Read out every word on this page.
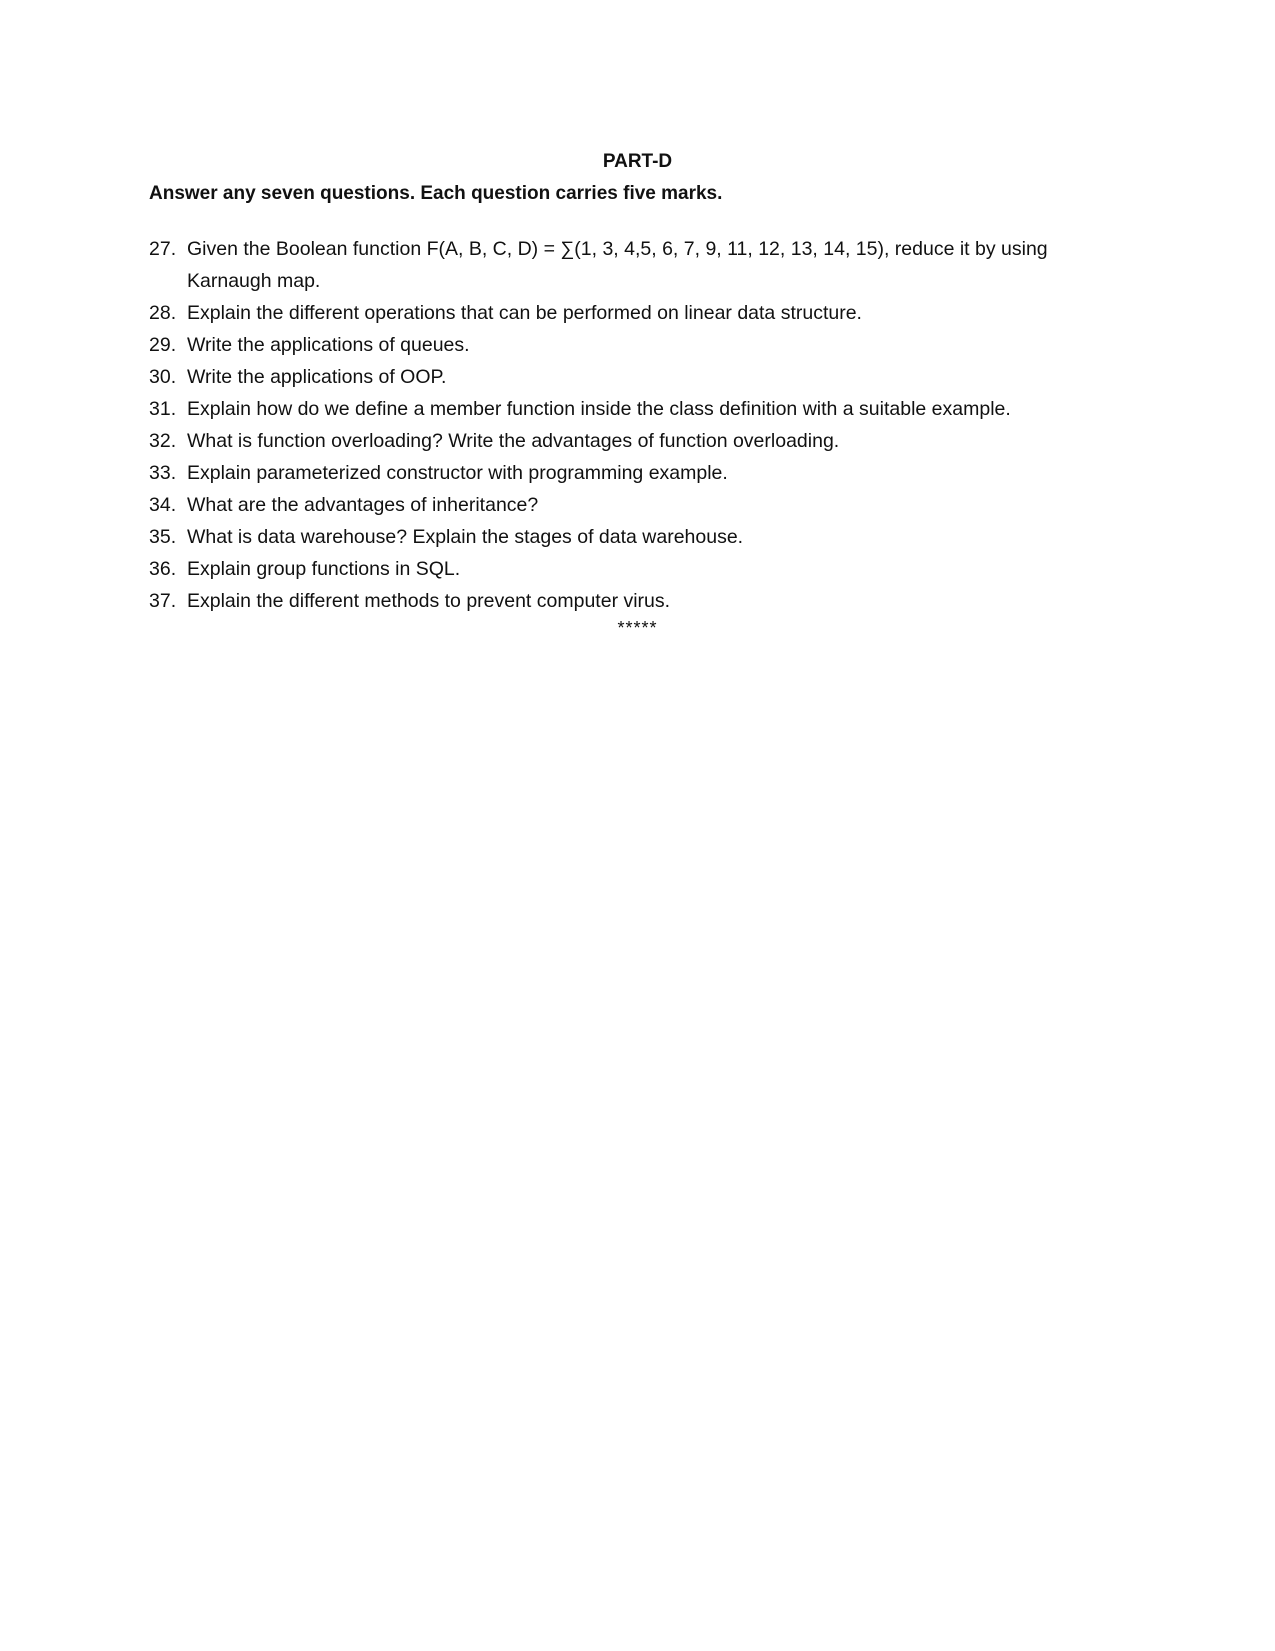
PART-D
Answer any seven questions. Each question carries five marks.
27. Given the Boolean function F(A, B, C, D) = ∑(1, 3, 4,5, 6, 7, 9, 11, 12, 13, 14, 15), reduce it by using Karnaugh map.
28. Explain the different operations that can be performed on linear data structure.
29. Write the applications of queues.
30. Write the applications of OOP.
31. Explain how do we define a member function inside the class definition with a suitable example.
32. What is function overloading? Write the advantages of function overloading.
33. Explain parameterized constructor with programming example.
34. What are the advantages of inheritance?
35. What is data warehouse? Explain the stages of data warehouse.
36. Explain group functions in SQL.
37. Explain the different methods to prevent computer virus.
*****
